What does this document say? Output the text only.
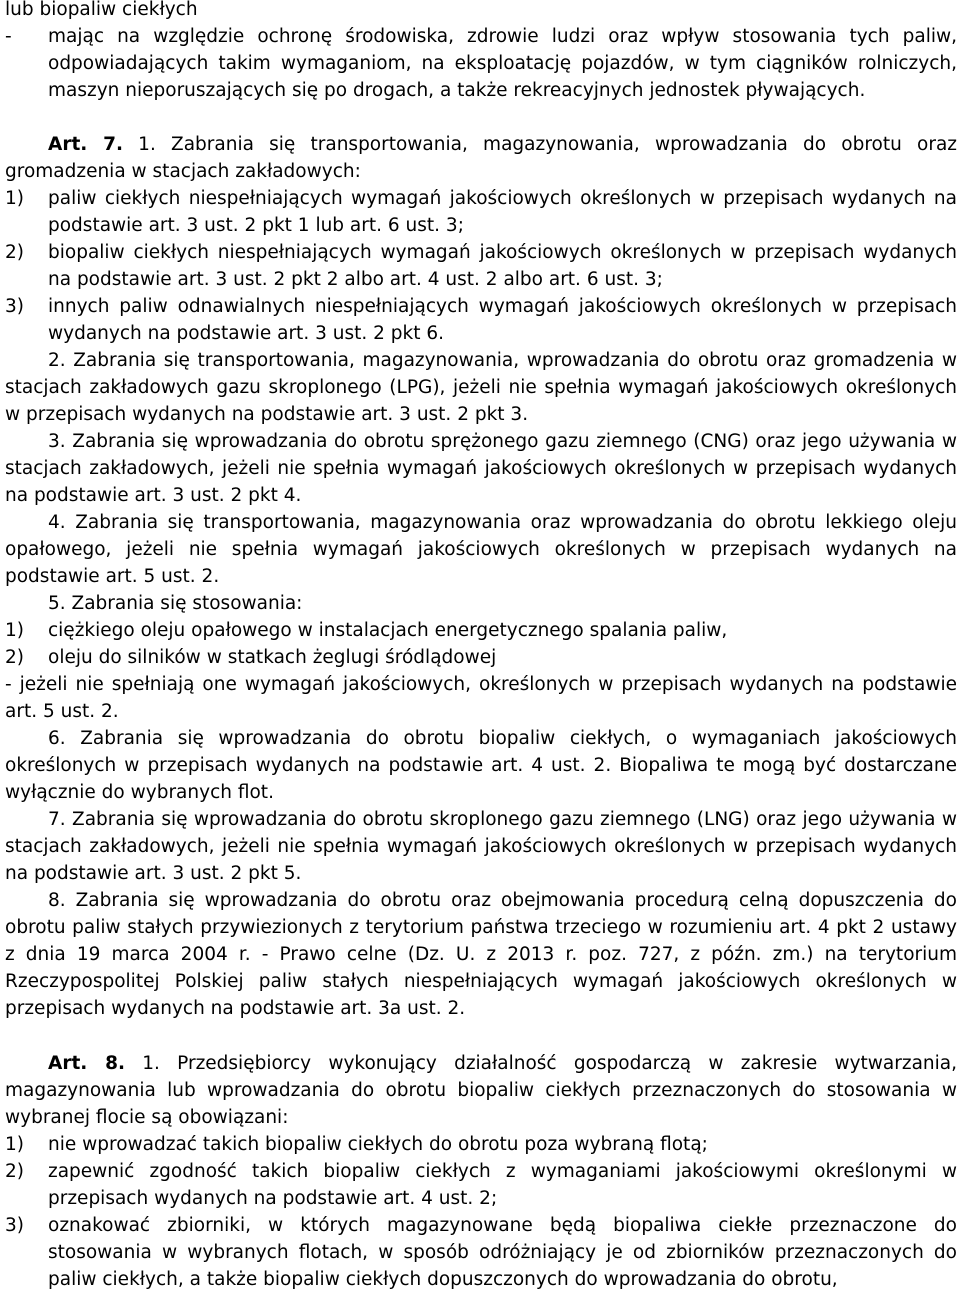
lub biopaliw ciekłych

-	mając na względzie ochronę środowiska, zdrowie ludzi oraz wpływ stosowania tych paliw, odpowiadających takim wymaganiom, na eksploatację pojazdów, w tym ciągników rolniczych, maszyn nieporuszających się po drogach, a także rekreacyjnych jednostek pływających.

Art. 7. 1. Zabrania się transportowania, magazynowania, wprowadzania do obrotu oraz gromadzenia w stacjach zakładowych:

1)	paliw ciekłych niespełniających wymagań jakościowych określonych w przepisach wydanych na podstawie art. 3 ust. 2 pkt 1 lub art. 6 ust. 3;
2)	biopaliw ciekłych niespełniających wymagań jakościowych określonych w przepisach wydanych na podstawie art. 3 ust. 2 pkt 2 albo art. 4 ust. 2 albo art. 6 ust. 3;
3)	innych paliw odnawialnych niespełniających wymagań jakościowych określonych w przepisach wydanych na podstawie art. 3 ust. 2 pkt 6.

2. Zabrania się transportowania, magazynowania, wprowadzania do obrotu oraz gromadzenia w stacjach zakładowych gazu skroplonego (LPG), jeżeli nie spełnia wymagań jakościowych określonych w przepisach wydanych na podstawie art. 3 ust. 2 pkt 3.

3. Zabrania się wprowadzania do obrotu sprężonego gazu ziemnego (CNG) oraz jego używania w stacjach zakładowych, jeżeli nie spełnia wymagań jakościowych określonych w przepisach wydanych na podstawie art. 3 ust. 2 pkt 4.

4. Zabrania się transportowania, magazynowania oraz wprowadzania do obrotu lekkiego oleju opałowego, jeżeli nie spełnia wymagań jakościowych określonych w przepisach wydanych na podstawie art. 5 ust. 2.

5. Zabrania się stosowania:

1)	ciężkiego oleju opałowego w instalacjach energetycznego spalania paliw,
2)	oleju do silników w statkach żeglugi śródlądowej

- jeżeli nie spełniają one wymagań jakościowych, określonych w przepisach wydanych na podstawie art. 5 ust. 2.

6. Zabrania się wprowadzania do obrotu biopaliw ciekłych, o wymaganiach jakościowych określonych w przepisach wydanych na podstawie art. 4 ust. 2. Biopaliwa te mogą być dostarczane wyłącznie do wybranych flot.

7. Zabrania się wprowadzania do obrotu skroplonego gazu ziemnego (LNG) oraz jego używania w stacjach zakładowych, jeżeli nie spełnia wymagań jakościowych określonych w przepisach wydanych na podstawie art. 3 ust. 2 pkt 5.

8. Zabrania się wprowadzania do obrotu oraz obejmowania procedurą celną dopuszczenia do obrotu paliw stałych przywiezionych z terytorium państwa trzeciego w rozumieniu art. 4 pkt 2 ustawy z dnia 19 marca 2004 r. - Prawo celne (Dz. U. z 2013 r. poz. 727, z późn. zm.) na terytorium Rzeczypospolitej Polskiej paliw stałych niespełniających wymagań jakościowych określonych w przepisach wydanych na podstawie art. 3a ust. 2.

Art. 8. 1. Przedsiębiorcy wykonujący działalność gospodarczą w zakresie wytwarzania, magazynowania lub wprowadzania do obrotu biopaliw ciekłych przeznaczonych do stosowania w wybranej flocie są obowiązani:

1)	nie wprowadzać takich biopaliw ciekłych do obrotu poza wybraną flotą;
2)	zapewnić zgodność takich biopaliw ciekłych z wymaganiami jakościowymi określonymi w przepisach wydanych na podstawie art. 4 ust. 2;
3)	oznakować zbiorniki, w których magazynowane będą biopaliwa ciekłe przeznaczone do stosowania w wybranych flotach, w sposób odróżniający je od zbiorników przeznaczonych do paliw ciekłych, a także biopaliw ciekłych dopuszczonych do wprowadzania do obrotu,
